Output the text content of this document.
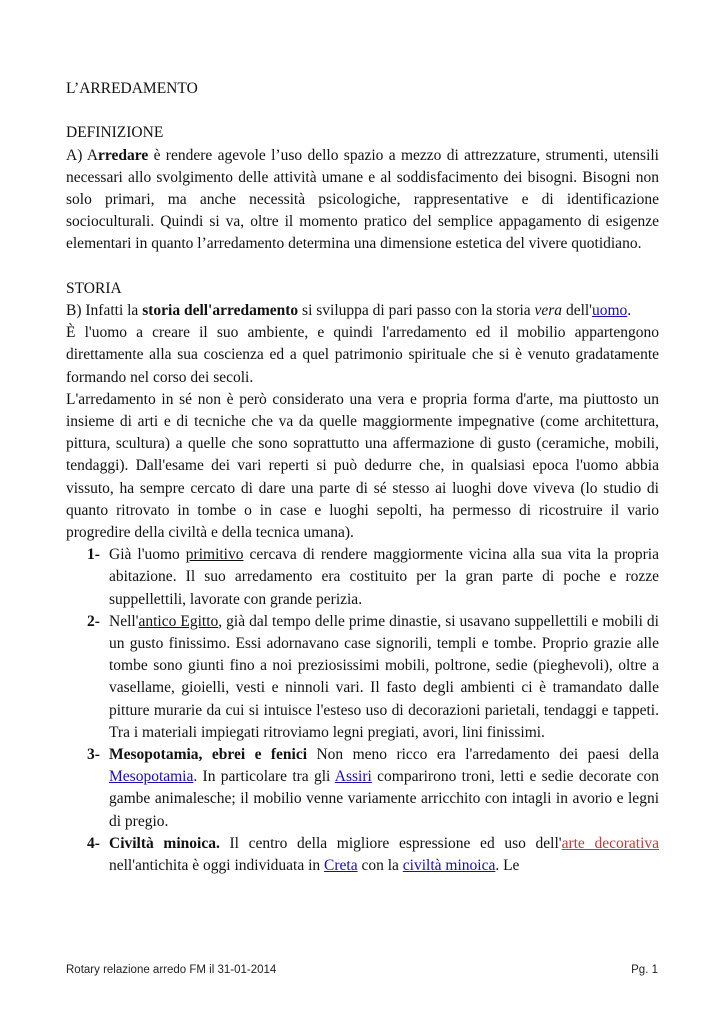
L’ARREDAMENTO

DEFINIZIONE

A) Arredare è rendere agevole l’uso dello spazio a mezzo di attrezzature, strumenti, utensili necessari allo svolgimento delle attività umane e al soddisfacimento dei bisogni. Bisogni non solo primari, ma anche necessità psicologiche, rappresentative e di identificazione socioculturali. Quindi si va, oltre il momento pratico del semplice appagamento di esigenze elementari in quanto l’arredamento determina una dimensione estetica del vivere quotidiano.

STORIA

B) Infatti la storia dell'arredamento si sviluppa di pari passo con la storia vera dell'uomo.

È l'uomo a creare il suo ambiente, e quindi l'arredamento ed il mobilio appartengono direttamente alla sua coscienza ed a quel patrimonio spirituale che si è venuto gradatamente formando nel corso dei secoli.

L'arredamento in sé non è però considerato una vera e propria forma d'arte, ma piuttosto un insieme di arti e di tecniche che va da quelle maggiormente impegnative (come architettura, pittura, scultura) a quelle che sono soprattutto una affermazione di gusto (ceramiche, mobili, tendaggi). Dall'esame dei vari reperti si può dedurre che, in qualsiasi epoca l'uomo abbia vissuto, ha sempre cercato di dare una parte di sé stesso ai luoghi dove viveva (lo studio di quanto ritrovato in tombe o in case e luoghi sepolti, ha permesso di ricostruire il vario progredire della civiltà e della tecnica umana).

1- Già l'uomo primitivo cercava di rendere maggiormente vicina alla sua vita la propria abitazione. Il suo arredamento era costituito per la gran parte di poche e rozze suppellettili, lavorate con grande perizia.
2- Nell'antico Egitto, già dal tempo delle prime dinastie, si usavano suppellettili e mobili di un gusto finissimo. Essi adornavano case signorili, templi e tombe. Proprio grazie alle tombe sono giunti fino a noi preziosissimi mobili, poltrone, sedie (pieghevoli), oltre a vasellame, gioielli, vesti e ninnoli vari. Il fasto degli ambienti ci è tramandato dalle pitture murarie da cui si intuisce l'esteso uso di decorazioni parietali, tendaggi e tappeti. Tra i materiali impiegati ritroviamo legni pregiati, avori, lini finissimi.
3- Mesopotamia, ebrei e fenici Non meno ricco era l'arredamento dei paesi della Mesopotamia. In particolare tra gli Assiri comparirono troni, letti e sedie decorate con gambe animalesche; il mobilio venne variamente arricchito con intagli in avorio e legni di pregio.
4- Civiltà minoica. Il centro della migliore espressione ed uso dell'arte decorativa nell'antichita è oggi individuata in Creta con la civiltà minoica. Le
Rotary relazione arredo FM il 31-01-2014	Pg. 1
